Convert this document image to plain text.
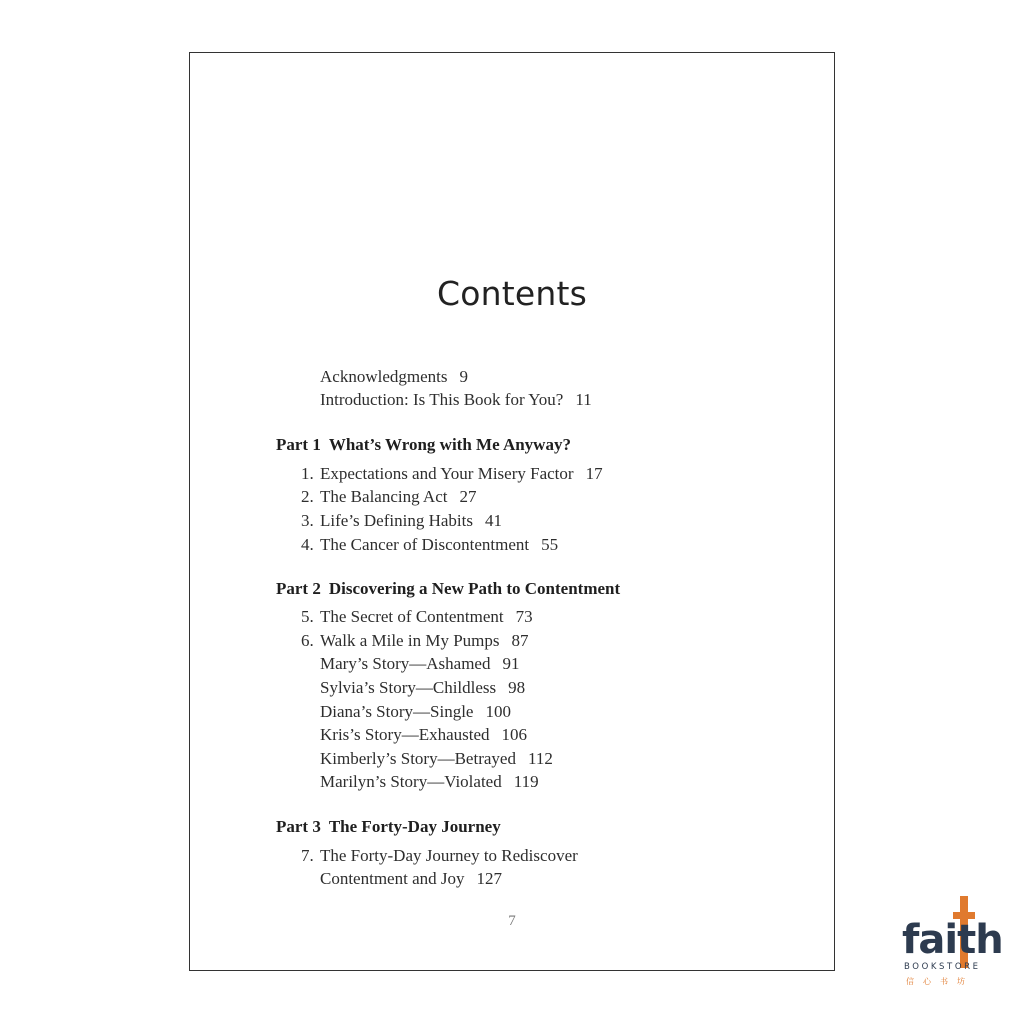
Contents
Acknowledgments 9
Introduction: Is This Book for You? 11
Part 1 What’s Wrong with Me Anyway?
1. Expectations and Your Misery Factor 17
2. The Balancing Act 27
3. Life’s Defining Habits 41
4. The Cancer of Discontentment 55
Part 2 Discovering a New Path to Contentment
5. The Secret of Contentment 73
6. Walk a Mile in My Pumps 87
Mary’s Story—Ashamed 91
Sylvia’s Story—Childless 98
Diana’s Story—Single 100
Kris’s Story—Exhausted 106
Kimberly’s Story—Betrayed 112
Marilyn’s Story—Violated 119
Part 3 The Forty-Day Journey
7. The Forty-Day Journey to Rediscover
Contentment and Joy 127
7	faith
BOOKSTORE
信心书坊
